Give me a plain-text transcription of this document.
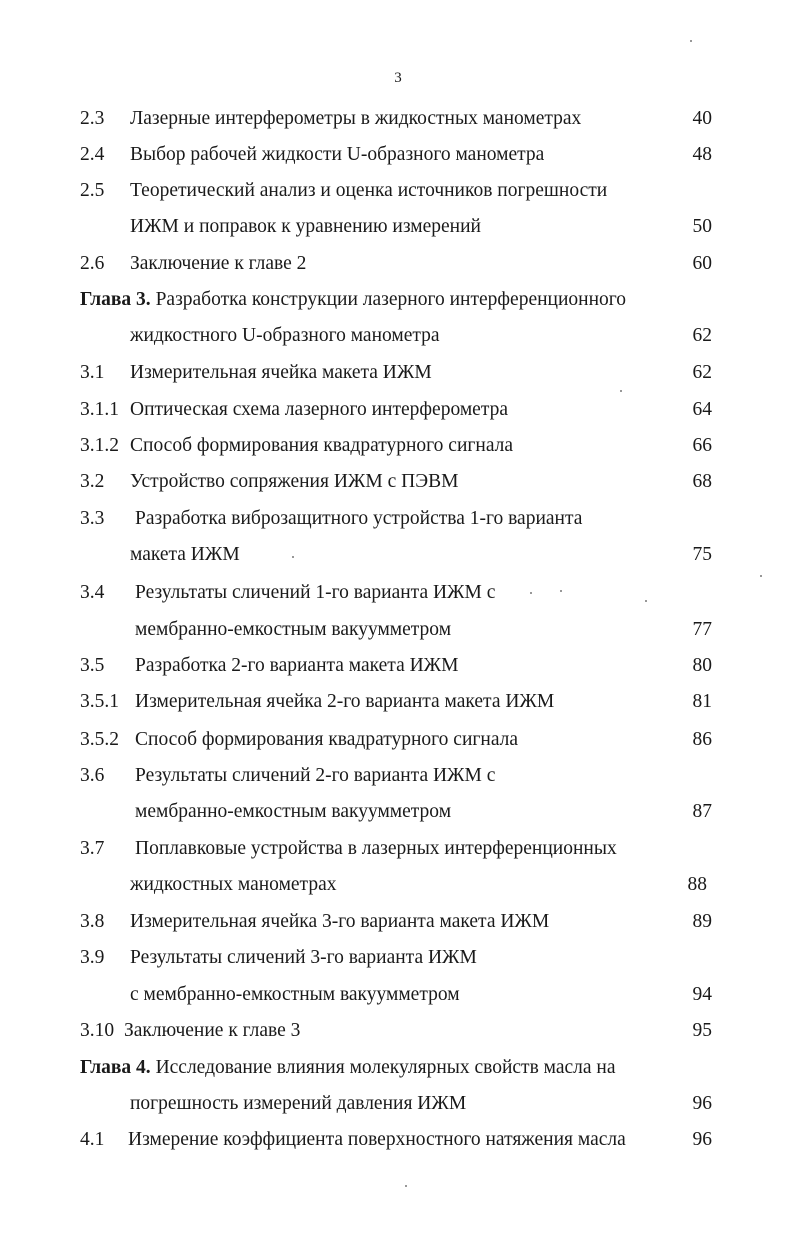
3
2.3 Лазерные интерферометры в жидкостных манометрах	40
2.4 Выбор рабочей жидкости U-образного манометра	48
2.5 Теоретический анализ и оценка источников погрешности
ИЖМ и поправок к уравнению измерений	50
2.6 Заключение к главе 2	60
Глава 3. Разработка конструкции лазерного интерференционного
жидкостного U-образного манометра	62
3.1 Измерительная ячейка макета ИЖМ	62
3.1.1 Оптическая схема лазерного интерферометра	64
3.1.2 Способ формирования квадратурного сигнала	66
3.2 Устройство сопряжения ИЖМ с ПЭВМ	68
3.3 Разработка виброзащитного устройства 1-го варианта
макета ИЖМ	75
3.4 Результаты сличений 1-го варианта ИЖМ с
мембранно-емкостным вакуумметром	77
3.5 Разработка 2-го варианта макета ИЖМ	80
3.5.1 Измерительная ячейка 2-го варианта макета ИЖМ	81
3.5.2 Способ формирования квадратурного сигнала	86
3.6 Результаты сличений 2-го варианта ИЖМ с
мембранно-емкостным вакуумметром	87
3.7 Поплавковые устройства в лазерных интерференционных
жидкостных манометрах	88
3.8 Измерительная ячейка 3-го варианта макета ИЖМ	89
3.9 Результаты сличений 3-го варианта ИЖМ
с мембранно-емкостным вакуумметром	94
3.10 Заключение к главе 3	95
Глава 4. Исследование влияния молекулярных свойств масла на
погрешность измерений давления ИЖМ	96
4.1 Измерение коэффициента поверхностного натяжения масла	96
